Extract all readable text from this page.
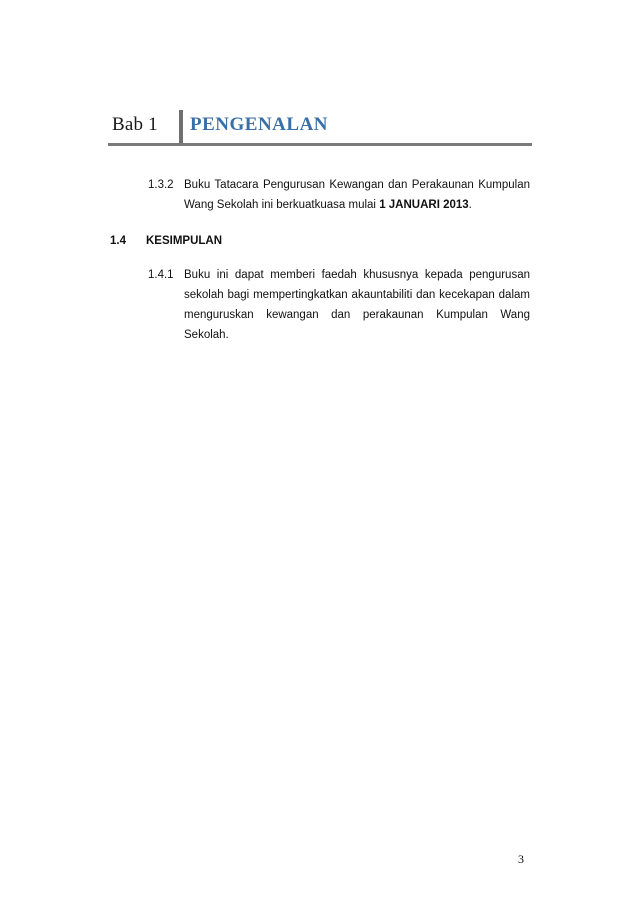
Bab 1 PENGENALAN
1.3.2 Buku Tatacara Pengurusan Kewangan dan Perakaunan Kumpulan Wang Sekolah ini berkuatkuasa mulai 1 JANUARI 2013.
1.4 KESIMPULAN
1.4.1 Buku ini dapat memberi faedah khususnya kepada pengurusan sekolah bagi mempertingkatkan akauntabiliti dan kecekapan dalam menguruskan kewangan dan perakaunan Kumpulan Wang Sekolah.
3
